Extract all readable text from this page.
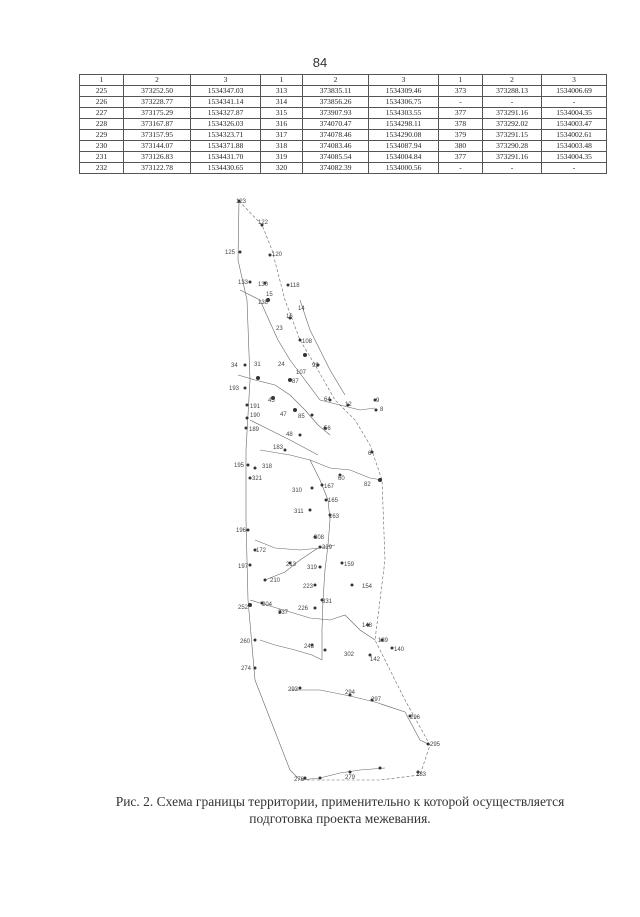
84
1	2	3	1	2	3	1	2	3
225	373252.50	1534347.03	313	373835.11	1534309.46	373	373288.13	1534006.69
226	373228.77	1534341.14	314	373856.26	1534306.75	-	-	-
227	373175.29	1534327.87	315	373907.93	1534303.55	377	373291.16	1534004.35
228	373167.87	1534326.03	316	374070.47	1534298.11	378	373292.02	1534003.47
229	373157.95	1534323.71	317	374078.46	1534290.08	379	373291.15	1534002.61
230	373144.07	1534371.88	318	374083.46	1534087.94	380	373290.28	1534003.48
231	373126.83	1534431.70	319	374085.54	1534004.84	377	373291.16	1534004.35
232	373122.78	1534430.65	320	374082.39	1534000.56	-	-	-
123
122
125	120
133 130	118
15
138
16
14
23
108
24
107
99
31
34
87
193
45
191
64
12
9
8
190	47 85
189	56
48
183
6
195	318
321	60
82
310
167
165
311
163
196
308
329
172
213 319
197	159
210
223	154
252 204	331
337
226
148
260
243
139
140
302
142
274
293	294
297
296
295
276	279	283
Рис. 2. Схема границы территории, применительно к которой осуществляется
подготовка проекта межевания.
